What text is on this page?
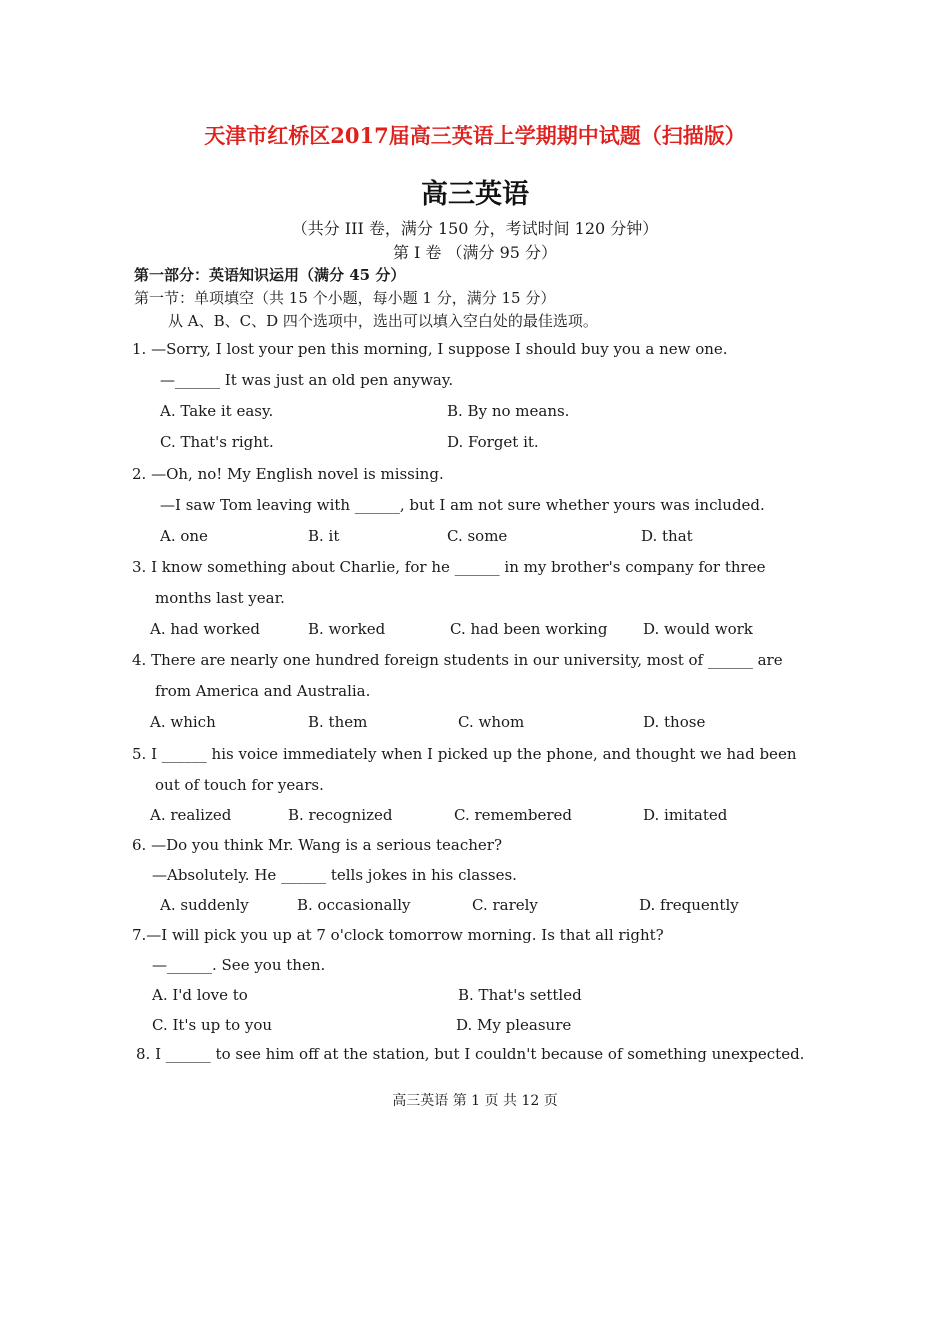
天津市红桥区2017届高三英语上学期期中试题（扫描版）
高三英语
（共分 III 卷，满分 150 分，考试时间 120 分钟）
第 I 卷 （满分 95 分）
第一部分：英语知识运用（满分 45 分）
第一节：单项填空（共 15 个小题，每小题 1 分，满分 15 分）
从 A、B、C、D 四个选项中，选出可以填入空白处的最佳选项。
1. —Sorry, I lost your pen this morning, I suppose I should buy you a new one.
—______ It was just an old pen anyway.
A. Take it easy.	B. By no means.
C. That's right.	D. Forget it.
2. —Oh, no! My English novel is missing.
—I saw Tom leaving with ______, but I am not sure whether yours was included.
A. one	B. it	C. some	D. that
3. I know something about Charlie, for he ______ in my brother's company for three
months last year.
A. had worked	B. worked	C. had been working D. would work
4. There are nearly one hundred foreign students in our university, most of ______ are
from America and Australia.
A. which	B. them	C. whom	D. those
5. I ______ his voice immediately when I picked up the phone, and thought we had been
out of touch for years.
A. realized	B. recognized	C. remembered	D. imitated
6. —Do you think Mr. Wang is a serious teacher?
—Absolutely. He ______ tells jokes in his classes.
A. suddenly	B. occasionally	C. rarely	D. frequently
7.—I will pick you up at 7 o'clock tomorrow morning. Is that all right?
—______. See you then.
A. I'd love to	B. That's settled
C. It's up to you	D. My pleasure
8. I ______ to see him off at the station, but I couldn't because of something unexpected.
高三英语 第 1 页 共 12 页
